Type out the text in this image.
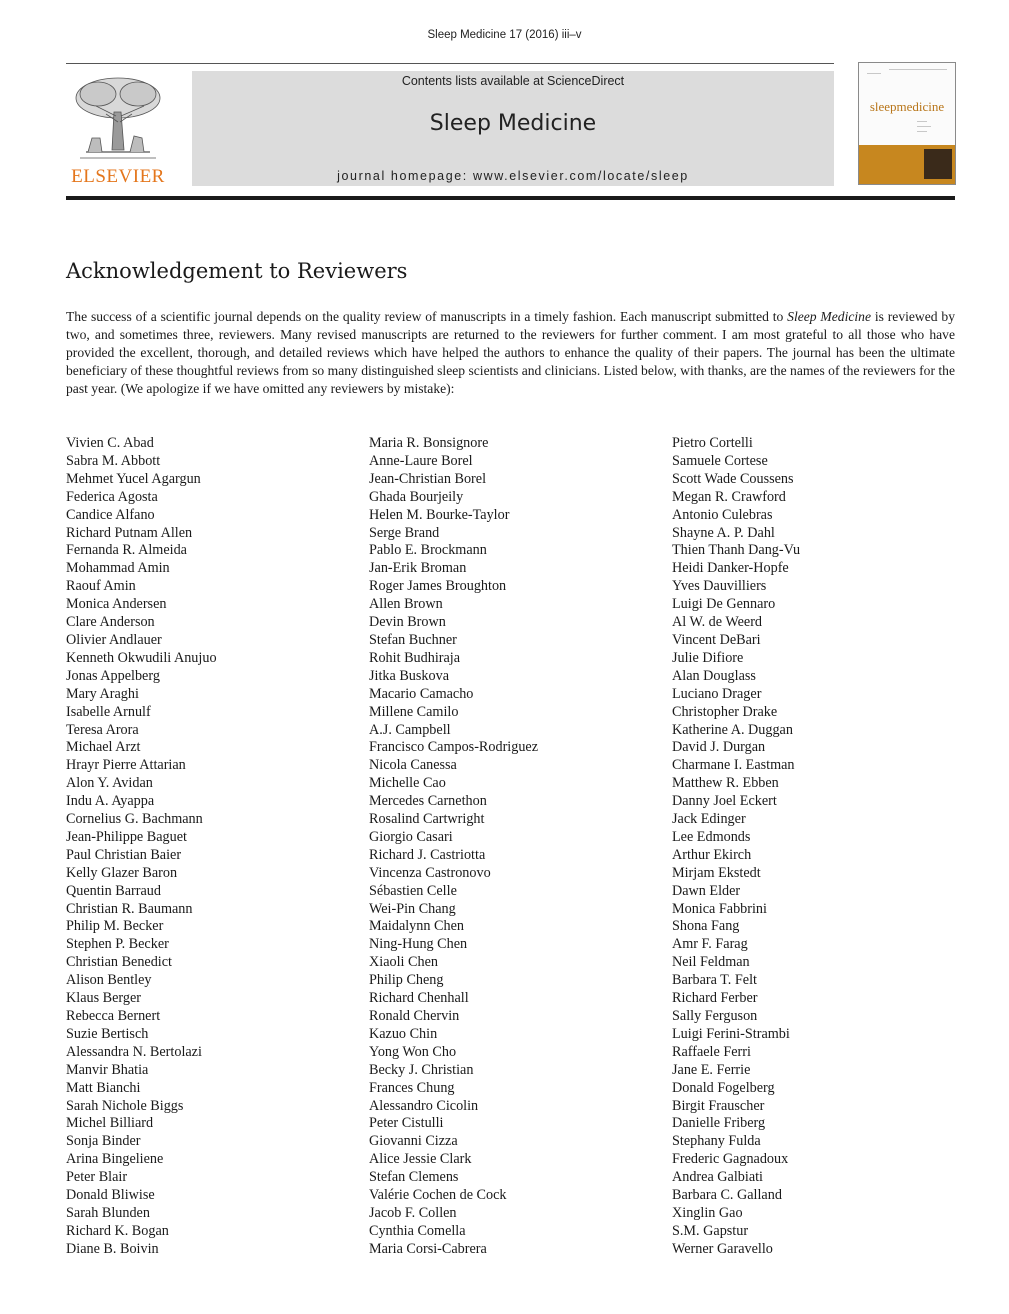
Sleep Medicine 17 (2016) iii–v
ELSEVIER
Contents lists available at ScienceDirect
Sleep Medicine
journal homepage: www.elsevier.com/locate/sleep
sleepmedicine
Acknowledgement to Reviewers

The success of a scientific journal depends on the quality review of manuscripts in a timely fashion. Each manuscript submitted to Sleep Medicine is reviewed by two, and sometimes three, reviewers. Many revised manuscripts are returned to the reviewers for further comment. I am most grateful to all those who have provided the excellent, thorough, and detailed reviews which have helped the authors to enhance the quality of their papers. The journal has been the ultimate beneficiary of these thoughtful reviews from so many distinguished sleep scientists and clinicians. Listed below, with thanks, are the names of the reviewers for the past year. (We apologize if we have omitted any reviewers by mistake):

Vivien C. Abad
Sabra M. Abbott
Mehmet Yucel Agargun
Federica Agosta
Candice Alfano
Richard Putnam Allen
Fernanda R. Almeida
Mohammad Amin
Raouf Amin
Monica Andersen
Clare Anderson
Olivier Andlauer
Kenneth Okwudili Anujuo
Jonas Appelberg
Mary Araghi
Isabelle Arnulf
Teresa Arora
Michael Arzt
Hrayr Pierre Attarian
Alon Y. Avidan
Indu A. Ayappa
Cornelius G. Bachmann
Jean-Philippe Baguet
Paul Christian Baier
Kelly Glazer Baron
Quentin Barraud
Christian R. Baumann
Philip M. Becker
Stephen P. Becker
Christian Benedict
Alison Bentley
Klaus Berger
Rebecca Bernert
Suzie Bertisch
Alessandra N. Bertolazi
Manvir Bhatia
Matt Bianchi
Sarah Nichole Biggs
Michel Billiard
Sonja Binder
Arina Bingeliene
Peter Blair
Donald Bliwise
Sarah Blunden
Richard K. Bogan
Diane B. Boivin
Maria R. Bonsignore
Anne-Laure Borel
Jean-Christian Borel
Ghada Bourjeily
Helen M. Bourke-Taylor
Serge Brand
Pablo E. Brockmann
Jan-Erik Broman
Roger James Broughton
Allen Brown
Devin Brown
Stefan Buchner
Rohit Budhiraja
Jitka Buskova
Macario Camacho
Millene Camilo
A.J. Campbell
Francisco Campos-Rodriguez
Nicola Canessa
Michelle Cao
Mercedes Carnethon
Rosalind Cartwright
Giorgio Casari
Richard J. Castriotta
Vincenza Castronovo
Sébastien Celle
Wei-Pin Chang
Maidalynn Chen
Ning-Hung Chen
Xiaoli Chen
Philip Cheng
Richard Chenhall
Ronald Chervin
Kazuo Chin
Yong Won Cho
Becky J. Christian
Frances Chung
Alessandro Cicolin
Peter Cistulli
Giovanni Cizza
Alice Jessie Clark
Stefan Clemens
Valérie Cochen de Cock
Jacob F. Collen
Cynthia Comella
Maria Corsi-Cabrera
Pietro Cortelli
Samuele Cortese
Scott Wade Coussens
Megan R. Crawford
Antonio Culebras
Shayne A. P. Dahl
Thien Thanh Dang-Vu
Heidi Danker-Hopfe
Yves Dauvilliers
Luigi De Gennaro
Al W. de Weerd
Vincent DeBari
Julie Difiore
Alan Douglass
Luciano Drager
Christopher Drake
Katherine A. Duggan
David J. Durgan
Charmane I. Eastman
Matthew R. Ebben
Danny Joel Eckert
Jack Edinger
Lee Edmonds
Arthur Ekirch
Mirjam Ekstedt
Dawn Elder
Monica Fabbrini
Shona Fang
Amr F. Farag
Neil Feldman
Barbara T. Felt
Richard Ferber
Sally Ferguson
Luigi Ferini-Strambi
Raffaele Ferri
Jane E. Ferrie
Donald Fogelberg
Birgit Frauscher
Danielle Friberg
Stephany Fulda
Frederic Gagnadoux
Andrea Galbiati
Barbara C. Galland
Xinglin Gao
S.M. Gapstur
Werner Garavello
